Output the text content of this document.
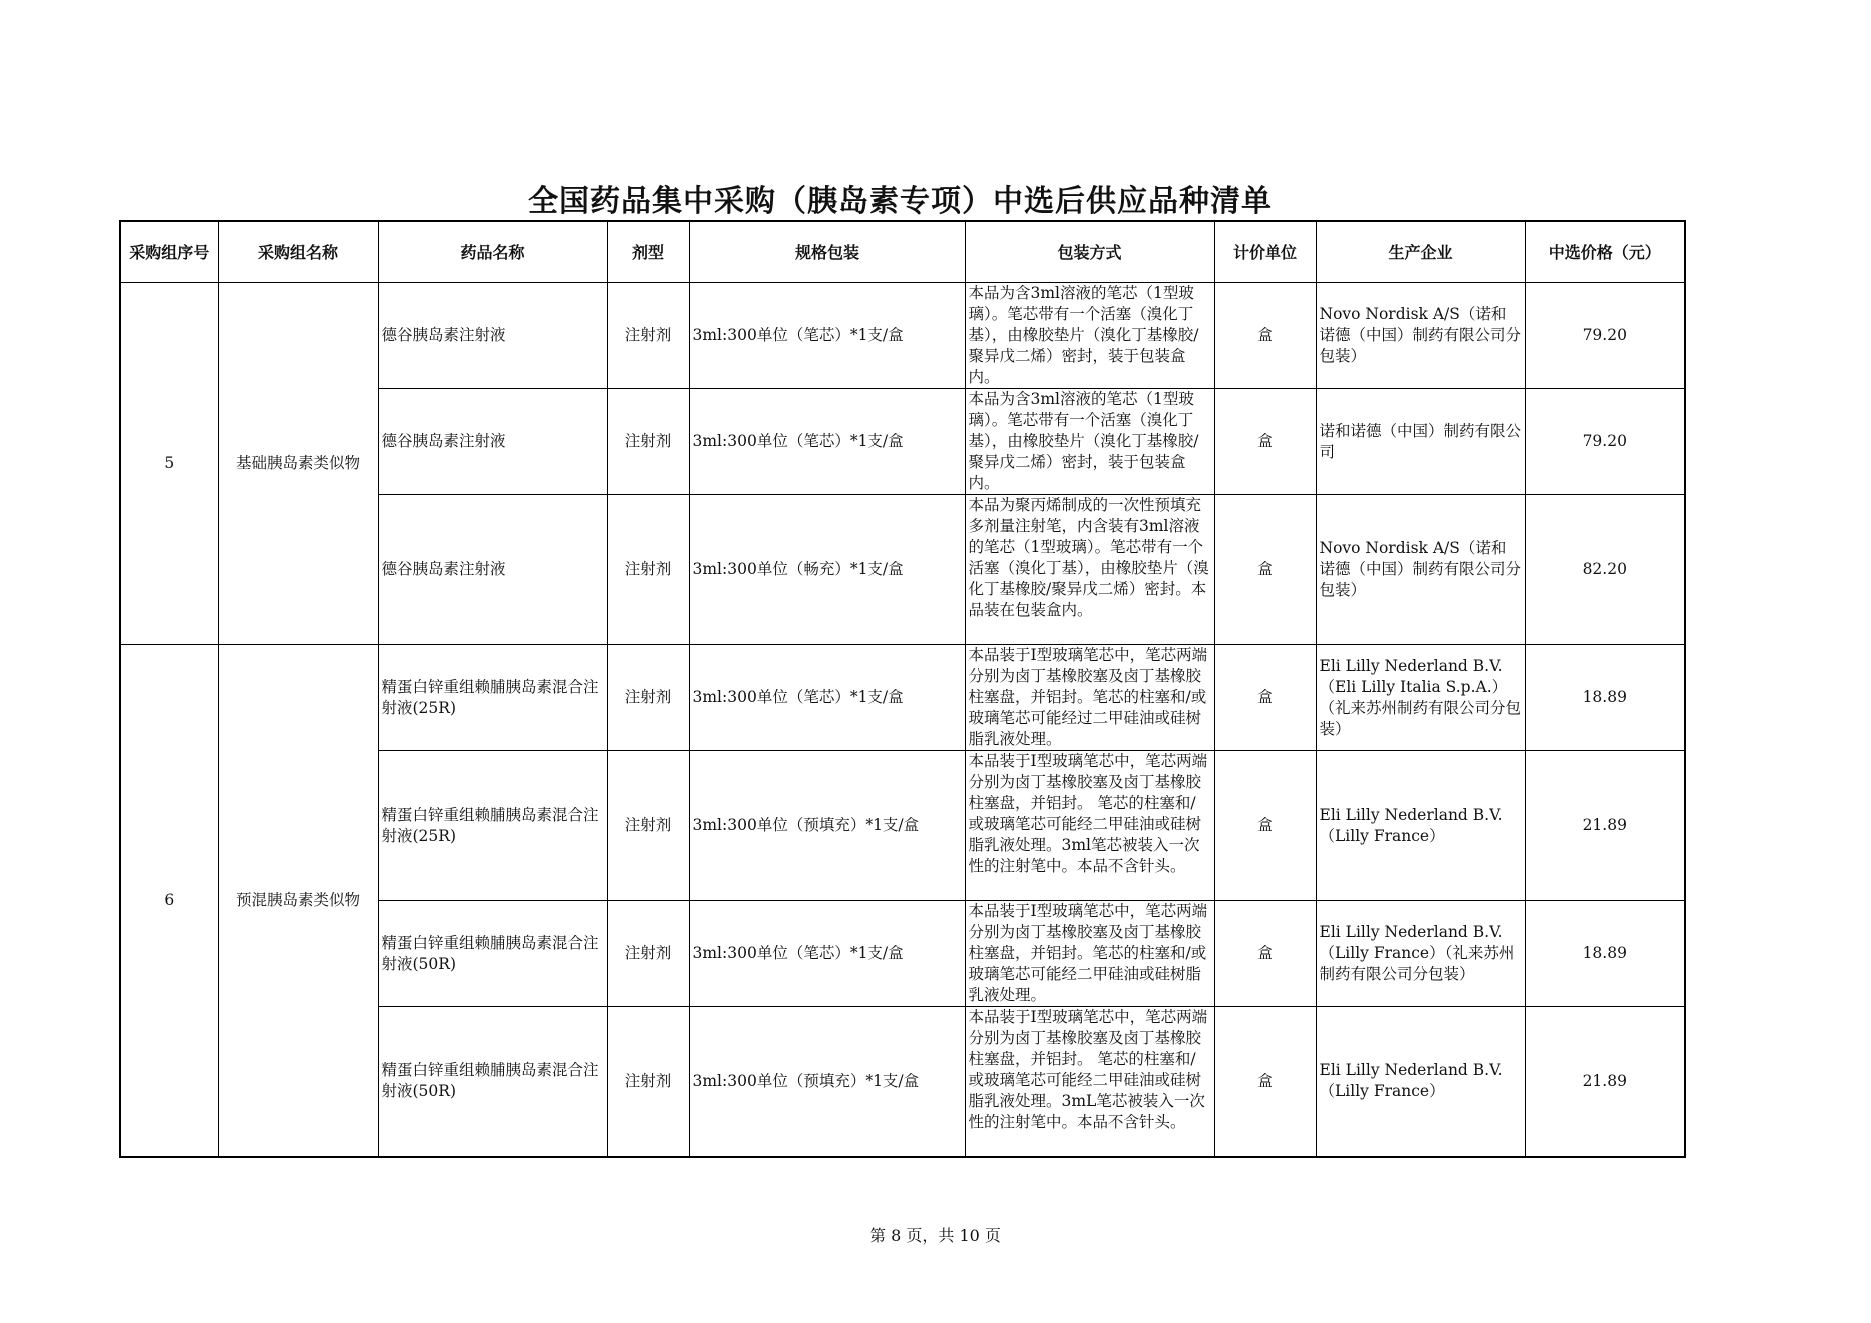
全国药品集中采购（胰岛素专项）中选后供应品种清单
采购组序号	采购组名称	药品名称	剂型	规格包装	包装方式	计价单位	生产企业	中选价格（元）
5	基础胰岛素类似物	德谷胰岛素注射液	注射剂	3ml:300单位（笔芯）*1支/盒	本品为含3ml溶液的笔芯（1型玻璃）。笔芯带有一个活塞（溴化丁基），由橡胶垫片（溴化丁基橡胶/聚异戊二烯）密封，装于包装盒内。	盒	Novo Nordisk A/S（诺和诺德（中国）制药有限公司分包装）	79.20
		德谷胰岛素注射液	注射剂	3ml:300单位（笔芯）*1支/盒	本品为含3ml溶液的笔芯（1型玻璃）。笔芯带有一个活塞（溴化丁基），由橡胶垫片（溴化丁基橡胶/聚异戊二烯）密封，装于包装盒内。	盒	诺和诺德（中国）制药有限公司	79.20
		德谷胰岛素注射液	注射剂	3ml:300单位（畅充）*1支/盒	本品为聚丙烯制成的一次性预填充多剂量注射笔，内含装有3ml溶液的笔芯（1型玻璃）。笔芯带有一个活塞（溴化丁基），由橡胶垫片（溴化丁基橡胶/聚异戊二烯）密封。本品装在包装盒内。	盒	Novo Nordisk A/S（诺和诺德（中国）制药有限公司分包装）	82.20
6	预混胰岛素类似物	精蛋白锌重组赖脯胰岛素混合注射液(25R)	注射剂	3ml:300单位（笔芯）*1支/盒	本品装于I型玻璃笔芯中，笔芯两端分别为卤丁基橡胶塞及卤丁基橡胶柱塞盘，并铝封。笔芯的柱塞和/或玻璃笔芯可能经过二甲硅油或硅树脂乳液处理。	盒	Eli Lilly Nederland B.V.（Eli Lilly Italia S.p.A.）（礼来苏州制药有限公司分包装）	18.89
		精蛋白锌重组赖脯胰岛素混合注射液(25R)	注射剂	3ml:300单位（预填充）*1支/盒	本品装于Ⅰ型玻璃笔芯中，笔芯两端分别为卤丁基橡胶塞及卤丁基橡胶柱塞盘，并铝封。 笔芯的柱塞和/或玻璃笔芯可能经二甲硅油或硅树脂乳液处理。3ml笔芯被装入一次性的注射笔中。本品不含针头。	盒	Eli Lilly Nederland B.V.（Lilly France）	21.89
		精蛋白锌重组赖脯胰岛素混合注射液(50R)	注射剂	3ml:300单位（笔芯）*1支/盒	本品装于Ⅰ型玻璃笔芯中，笔芯两端分别为卤丁基橡胶塞及卤丁基橡胶柱塞盘，并铝封。笔芯的柱塞和/或玻璃笔芯可能经二甲硅油或硅树脂乳液处理。	盒	Eli Lilly Nederland B.V.（Lilly France）（礼来苏州制药有限公司分包装）	18.89
		精蛋白锌重组赖脯胰岛素混合注射液(50R)	注射剂	3ml:300单位（预填充）*1支/盒	本品装于Ⅰ型玻璃笔芯中，笔芯两端分别为卤丁基橡胶塞及卤丁基橡胶柱塞盘，并铝封。 笔芯的柱塞和/或玻璃笔芯可能经二甲硅油或硅树脂乳液处理。3mL笔芯被装入一次性的注射笔中。本品不含针头。	盒	Eli Lilly Nederland B.V.（Lilly France）	21.89
第 8 页，共 10 页
